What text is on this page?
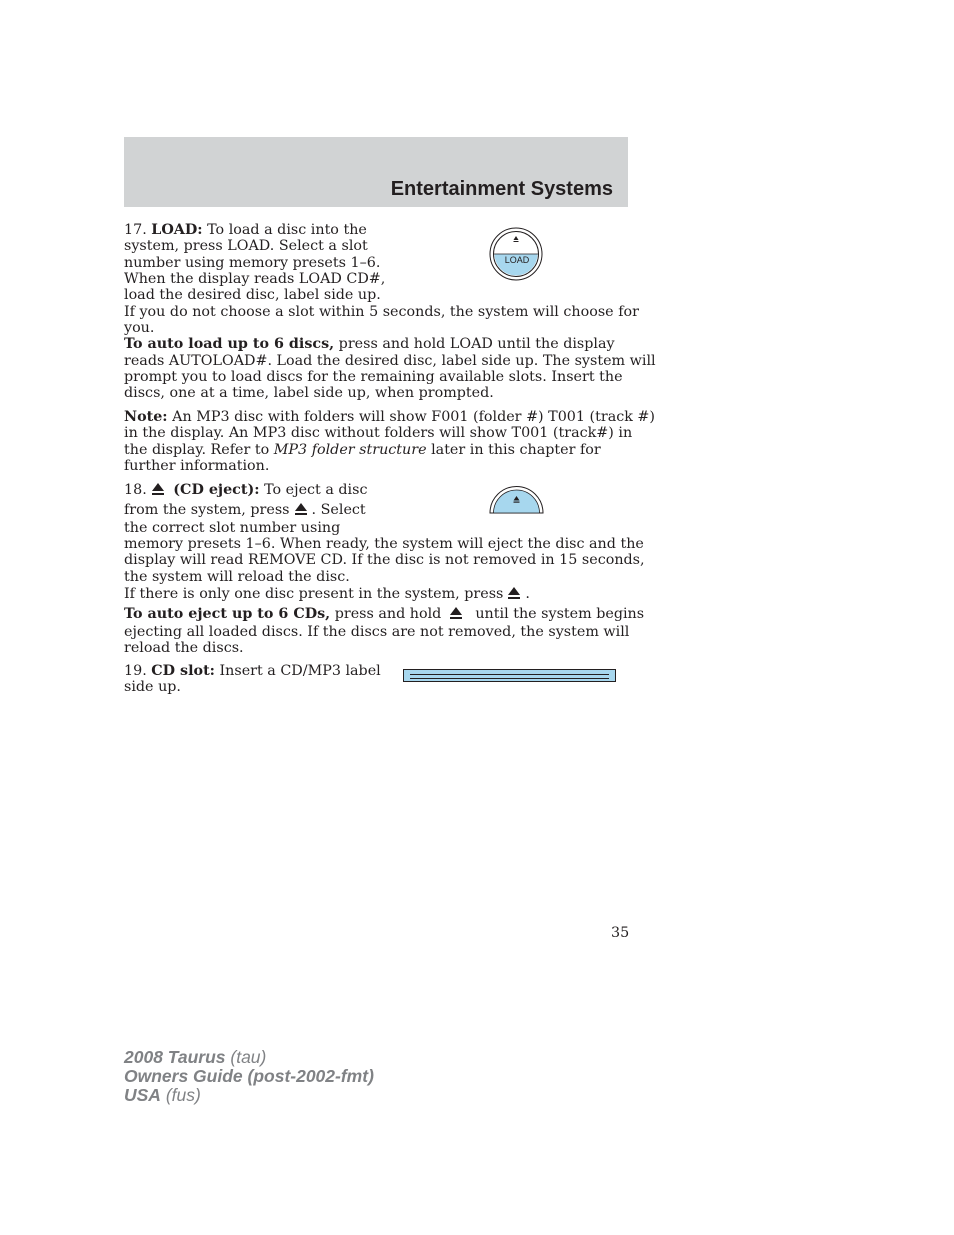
Entertainment Systems
17. LOAD: To load a disc into the
system, press LOAD. Select a slot
number using memory presets 1–6.
When the display reads LOAD CD#,
load the desired disc, label side up.
If you do not choose a slot within 5 seconds, the system will choose for
you.
LOAD
To auto load up to 6 discs, press and hold LOAD until the display
reads AUTOLOAD#. Load the desired disc, label side up. The system will
prompt you to load discs for the remaining available slots. Insert the
discs, one at a time, label side up, when prompted.
Note: An MP3 disc with folders will show F001 (folder #) T001 (track #)
in the display. An MP3 disc without folders will show T001 (track#) in
the display. Refer to MP3 folder structure later in this chapter for
further information.
18. (CD eject): To eject a disc
from the system, press . Select
the correct slot number using
memory presets 1–6. When ready, the system will eject the disc and the
display will read REMOVE CD. If the disc is not removed in 15 seconds,
the system will reload the disc.
If there is only one disc present in the system, press .
To auto eject up to 6 CDs, press and hold until the system begins
ejecting all loaded discs. If the discs are not removed, the system will
reload the discs.
19. CD slot: Insert a CD/MP3 label
side up.
35
2008 Taurus (tau)
Owners Guide (post-2002-fmt)
USA (fus)
